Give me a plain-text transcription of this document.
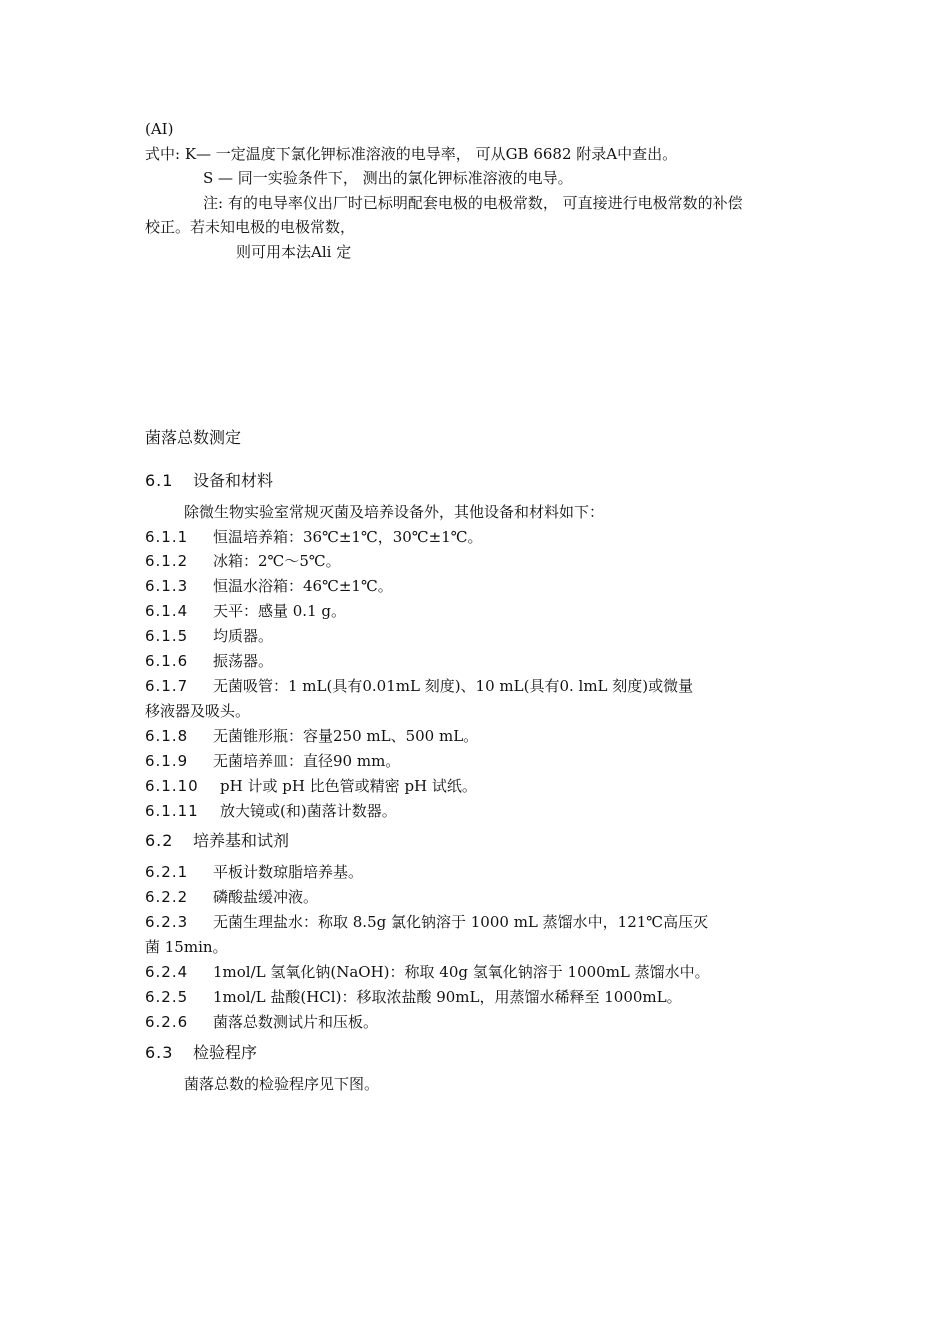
(AI)
式中: K— 一定温度下氯化钾标准溶液的电导率， 可从GB 6682 附录A中查出。
S — 同一实验条件下， 测出的氯化钾标准溶液的电导。
注: 有的电导率仪出厂时已标明配套电极的电极常数， 可直接进行电极常数的补偿
校正。若未知电极的电极常数，
则可用本法Ali 定
菌落总数测定
6.1 设备和材料
除微生物实验室常规灭菌及培养设备外，其他设备和材料如下：
6.1.1 恒温培养箱：36℃±1℃，30℃±1℃。
6.1.2 冰箱：2℃～5℃。
6.1.3 恒温水浴箱：46℃±1℃。
6.1.4 天平：感量 0.1 g。
6.1.5 均质器。
6.1.6 振荡器。
6.1.7 无菌吸管：1 mL(具有0.01mL 刻度)、10 mL(具有0. lmL 刻度)或微量
移液器及吸头。
6.1.8 无菌锥形瓶：容量250 mL、500 mL。
6.1.9 无菌培养皿：直径90 mm。
6.1.10 pH 计或 pH 比色管或精密 pH 试纸。
6.1.11 放大镜或(和)菌落计数器。
6.2 培养基和试剂
6.2.1 平板计数琼脂培养基。
6.2.2 磷酸盐缓冲液。
6.2.3 无菌生理盐水：称取 8.5g 氯化钠溶于 1000 mL 蒸馏水中，121℃高压灭
菌 15min。
6.2.4 1mol/L 氢氧化钠(NaOH)：称取 40g 氢氧化钠溶于 1000mL 蒸馏水中。
6.2.5 1mol/L 盐酸(HCl)：移取浓盐酸 90mL，用蒸馏水稀释至 1000mL。
6.2.6 菌落总数测试片和压板。
6.3 检验程序
菌落总数的检验程序见下图。
